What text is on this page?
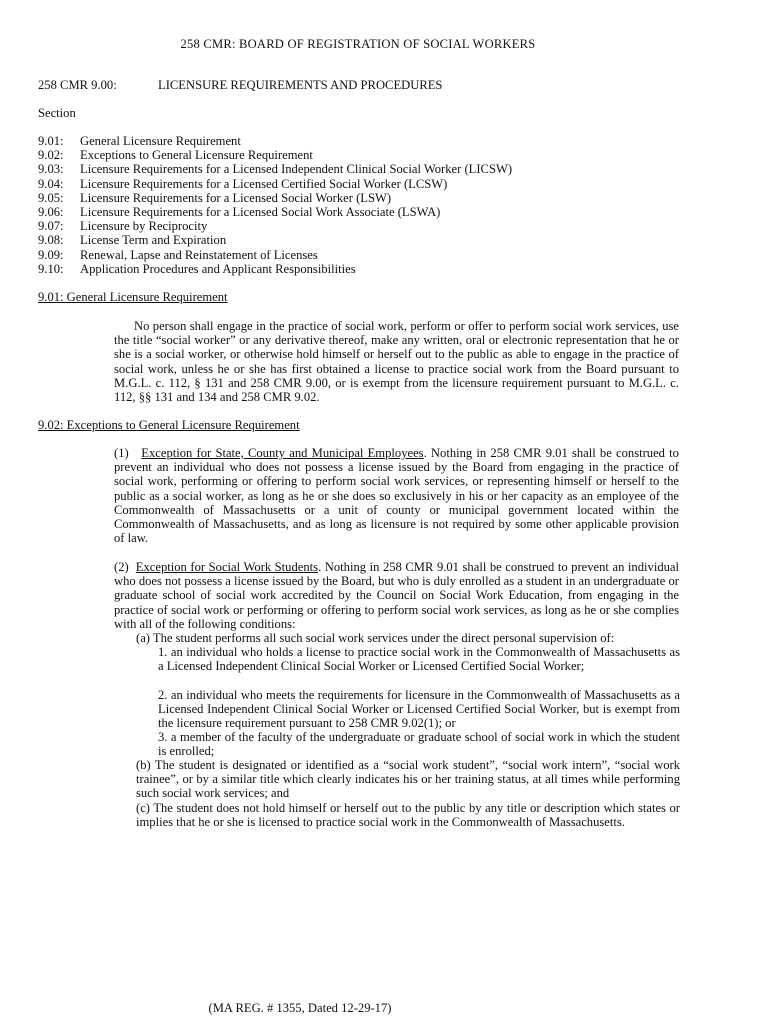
258 CMR: BOARD OF REGISTRATION OF SOCIAL WORKERS
258 CMR 9.00:	LICENSURE REQUIREMENTS AND PROCEDURES
Section
9.01: General Licensure Requirement
9.02: Exceptions to General Licensure Requirement
9.03: Licensure Requirements for a Licensed Independent Clinical Social Worker (LICSW)
9.04: Licensure Requirements for a Licensed Certified Social Worker (LCSW)
9.05: Licensure Requirements for a Licensed Social Worker (LSW)
9.06: Licensure Requirements for a Licensed Social Work Associate (LSWA)
9.07: Licensure by Reciprocity
9.08: License Term and Expiration
9.09: Renewal, Lapse and Reinstatement of Licenses
9.10: Application Procedures and Applicant Responsibilities
9.01: General Licensure Requirement
No person shall engage in the practice of social work, perform or offer to perform social work services, use the title “social worker” or any derivative thereof, make any written, oral or electronic representation that he or she is a social worker, or otherwise hold himself or herself out to the public as able to engage in the practice of social work, unless he or she has first obtained a license to practice social work from the Board pursuant to M.G.L. c. 112, § 131 and 258 CMR 9.00, or is exempt from the licensure requirement pursuant to M.G.L. c. 112, §§ 131 and 134 and 258 CMR 9.02.
9.02: Exceptions to General Licensure Requirement
(1) Exception for State, County and Municipal Employees. Nothing in 258 CMR 9.01 shall be construed to prevent an individual who does not possess a license issued by the Board from engaging in the practice of social work, performing or offering to perform social work services, or representing himself or herself to the public as a social worker, as long as he or she does so exclusively in his or her capacity as an employee of the Commonwealth of Massachusetts or a unit of county or municipal government located within the Commonwealth of Massachusetts, and as long as licensure is not required by some other applicable provision of law.
(2) Exception for Social Work Students. Nothing in 258 CMR 9.01 shall be construed to prevent an individual who does not possess a license issued by the Board, but who is duly enrolled as a student in an undergraduate or graduate school of social work accredited by the Council on Social Work Education, from engaging in the practice of social work or performing or offering to perform social work services, as long as he or she complies with all of the following conditions:
(a) The student performs all such social work services under the direct personal supervision of:
1. an individual who holds a license to practice social work in the Commonwealth of Massachusetts as a Licensed Independent Clinical Social Worker or Licensed Certified Social Worker;
2. an individual who meets the requirements for licensure in the Commonwealth of Massachusetts as a Licensed Independent Clinical Social Worker or Licensed Certified Social Worker, but is exempt from the licensure requirement pursuant to 258 CMR 9.02(1); or
3. a member of the faculty of the undergraduate or graduate school of social work in which the student is enrolled;
(b) The student is designated or identified as a “social work student”, “social work intern”, “social work trainee”, or by a similar title which clearly indicates his or her training status, at all times while performing such social work services; and
(c) The student does not hold himself or herself out to the public by any title or description which states or implies that he or she is licensed to practice social work in the Commonwealth of Massachusetts.
(MA REG. # 1355, Dated 12-29-17)
